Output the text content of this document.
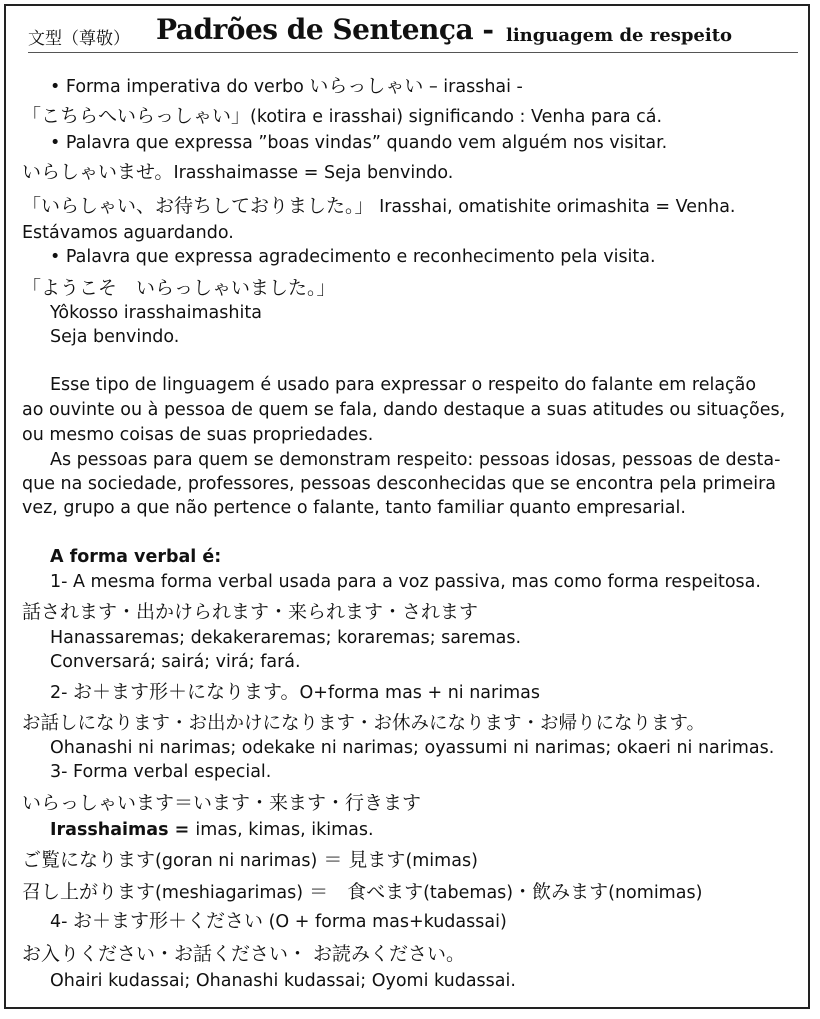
文型（尊敬） Padrões de Sentença - linguagem de respeito
• Forma imperativa do verbo いらっしゃい – irasshai -
「こちらへいらっしゃい」(kotira e irasshai) significando : Venha para cá.
• Palavra que expressa ”boas vindas” quando vem alguém nos visitar.
いらしゃいませ。Irasshaimasse = Seja benvindo.
「いらしゃい、お待ちしておりました。」 Irasshai, omatishite orimashita = Venha.
Estávamos aguardando.
• Palavra que expressa agradecimento e reconhecimento pela visita.
「ようこそ　いらっしゃいました。」
Yôkosso irasshaimashita
Seja benvindo.
Esse tipo de linguagem é usado para expressar o respeito do falante em relação
ao ouvinte ou à pessoa de quem se fala, dando destaque a suas atitudes ou situações,
ou mesmo coisas de suas propriedades.
As pessoas para quem se demonstram respeito: pessoas idosas, pessoas de desta-
que na sociedade, professores, pessoas desconhecidas que se encontra pela primeira
vez, grupo a que não pertence o falante, tanto familiar quanto empresarial.
A forma verbal é:
1- A mesma forma verbal usada para a voz passiva, mas como forma respeitosa.
話されます・出かけられます・来られます・されます
Hanassaremas; dekakeraremas; koraremas; saremas.
Conversará; sairá; virá; fará.
2- お＋ます形＋になります。O+forma mas + ni narimas
お話しになります・お出かけになります・お休みになります・お帰りになります。
Ohanashi ni narimas; odekake ni narimas; oyassumi ni narimas; okaeri ni narimas.
3- Forma verbal especial.
いらっしゃいます＝います・来ます・行きます
Irasshaimas = imas, kimas, ikimas.
ご覧になります(goran ni narimas) ＝ 見ます(mimas)
召し上がります(meshiagarimas) ＝　食べます(tabemas)・飲みます(nomimas)
4- お＋ます形＋ください (O + forma mas+kudassai)
お入りください・お話ください・ お読みください。
Ohairi kudassai; Ohanashi kudassai; Oyomi kudassai.
